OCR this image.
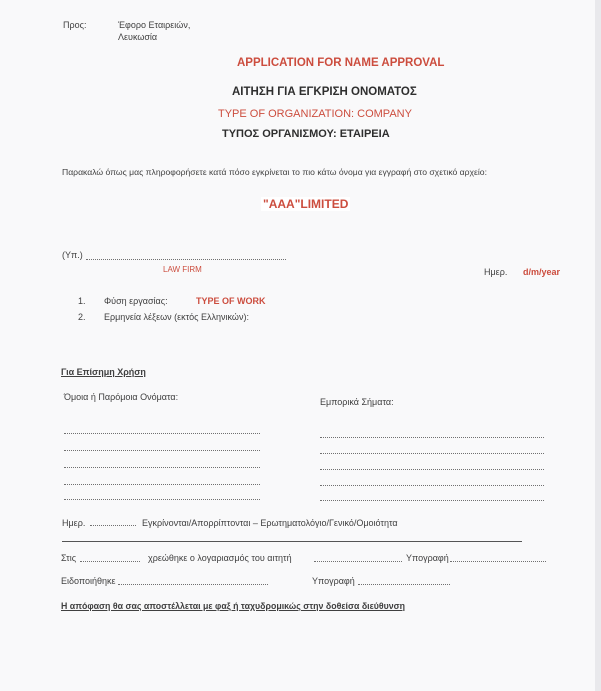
Προς:	Έφορο Εταιρειών,
Λευκωσία
APPLICATION FOR NAME APPROVAL
ΑΙΤΗΣΗ ΓΙΑ ΕΓΚΡΙΣΗ ΟΝΟΜΑΤΟΣ
TYPE OF ORGANIZATION: COMPANY
ΤΥΠΟΣ ΟΡΓΑΝΙΣΜΟΥ: ΕΤΑΙΡΕΙΑ
Παρακαλώ όπως μας πληροφορήσετε κατά πόσο εγκρίνεται το πιο κάτω όνομα για εγγραφή στο σχετικό αρχείο:
"AAA"LIMITED
(Υπ.)
LAW FIRM	Ημερ. d/m/year
1. Φύση εργασίας:	TYPE OF WORK
2. Ερμηνεία λέξεων (εκτός Ελληνικών):
Για Επίσημη Χρήση
Όμοια ή Παρόμοια Ονόματα:	Εμπορικά Σήματα:
Ημερ.	Εγκρίνονται/Απορρίπτονται – Ερωτηματολόγιο/Γενικό/Ομοιότητα
Στις	χρεώθηκε ο λογαριασμός του αιτητή	Υπογραφή
Ειδοποιήθηκε	Υπογραφή
Η απόφαση θα σας αποστέλλεται με φαξ ή ταχυδρομικώς στην δοθείσα διεύθυνση
